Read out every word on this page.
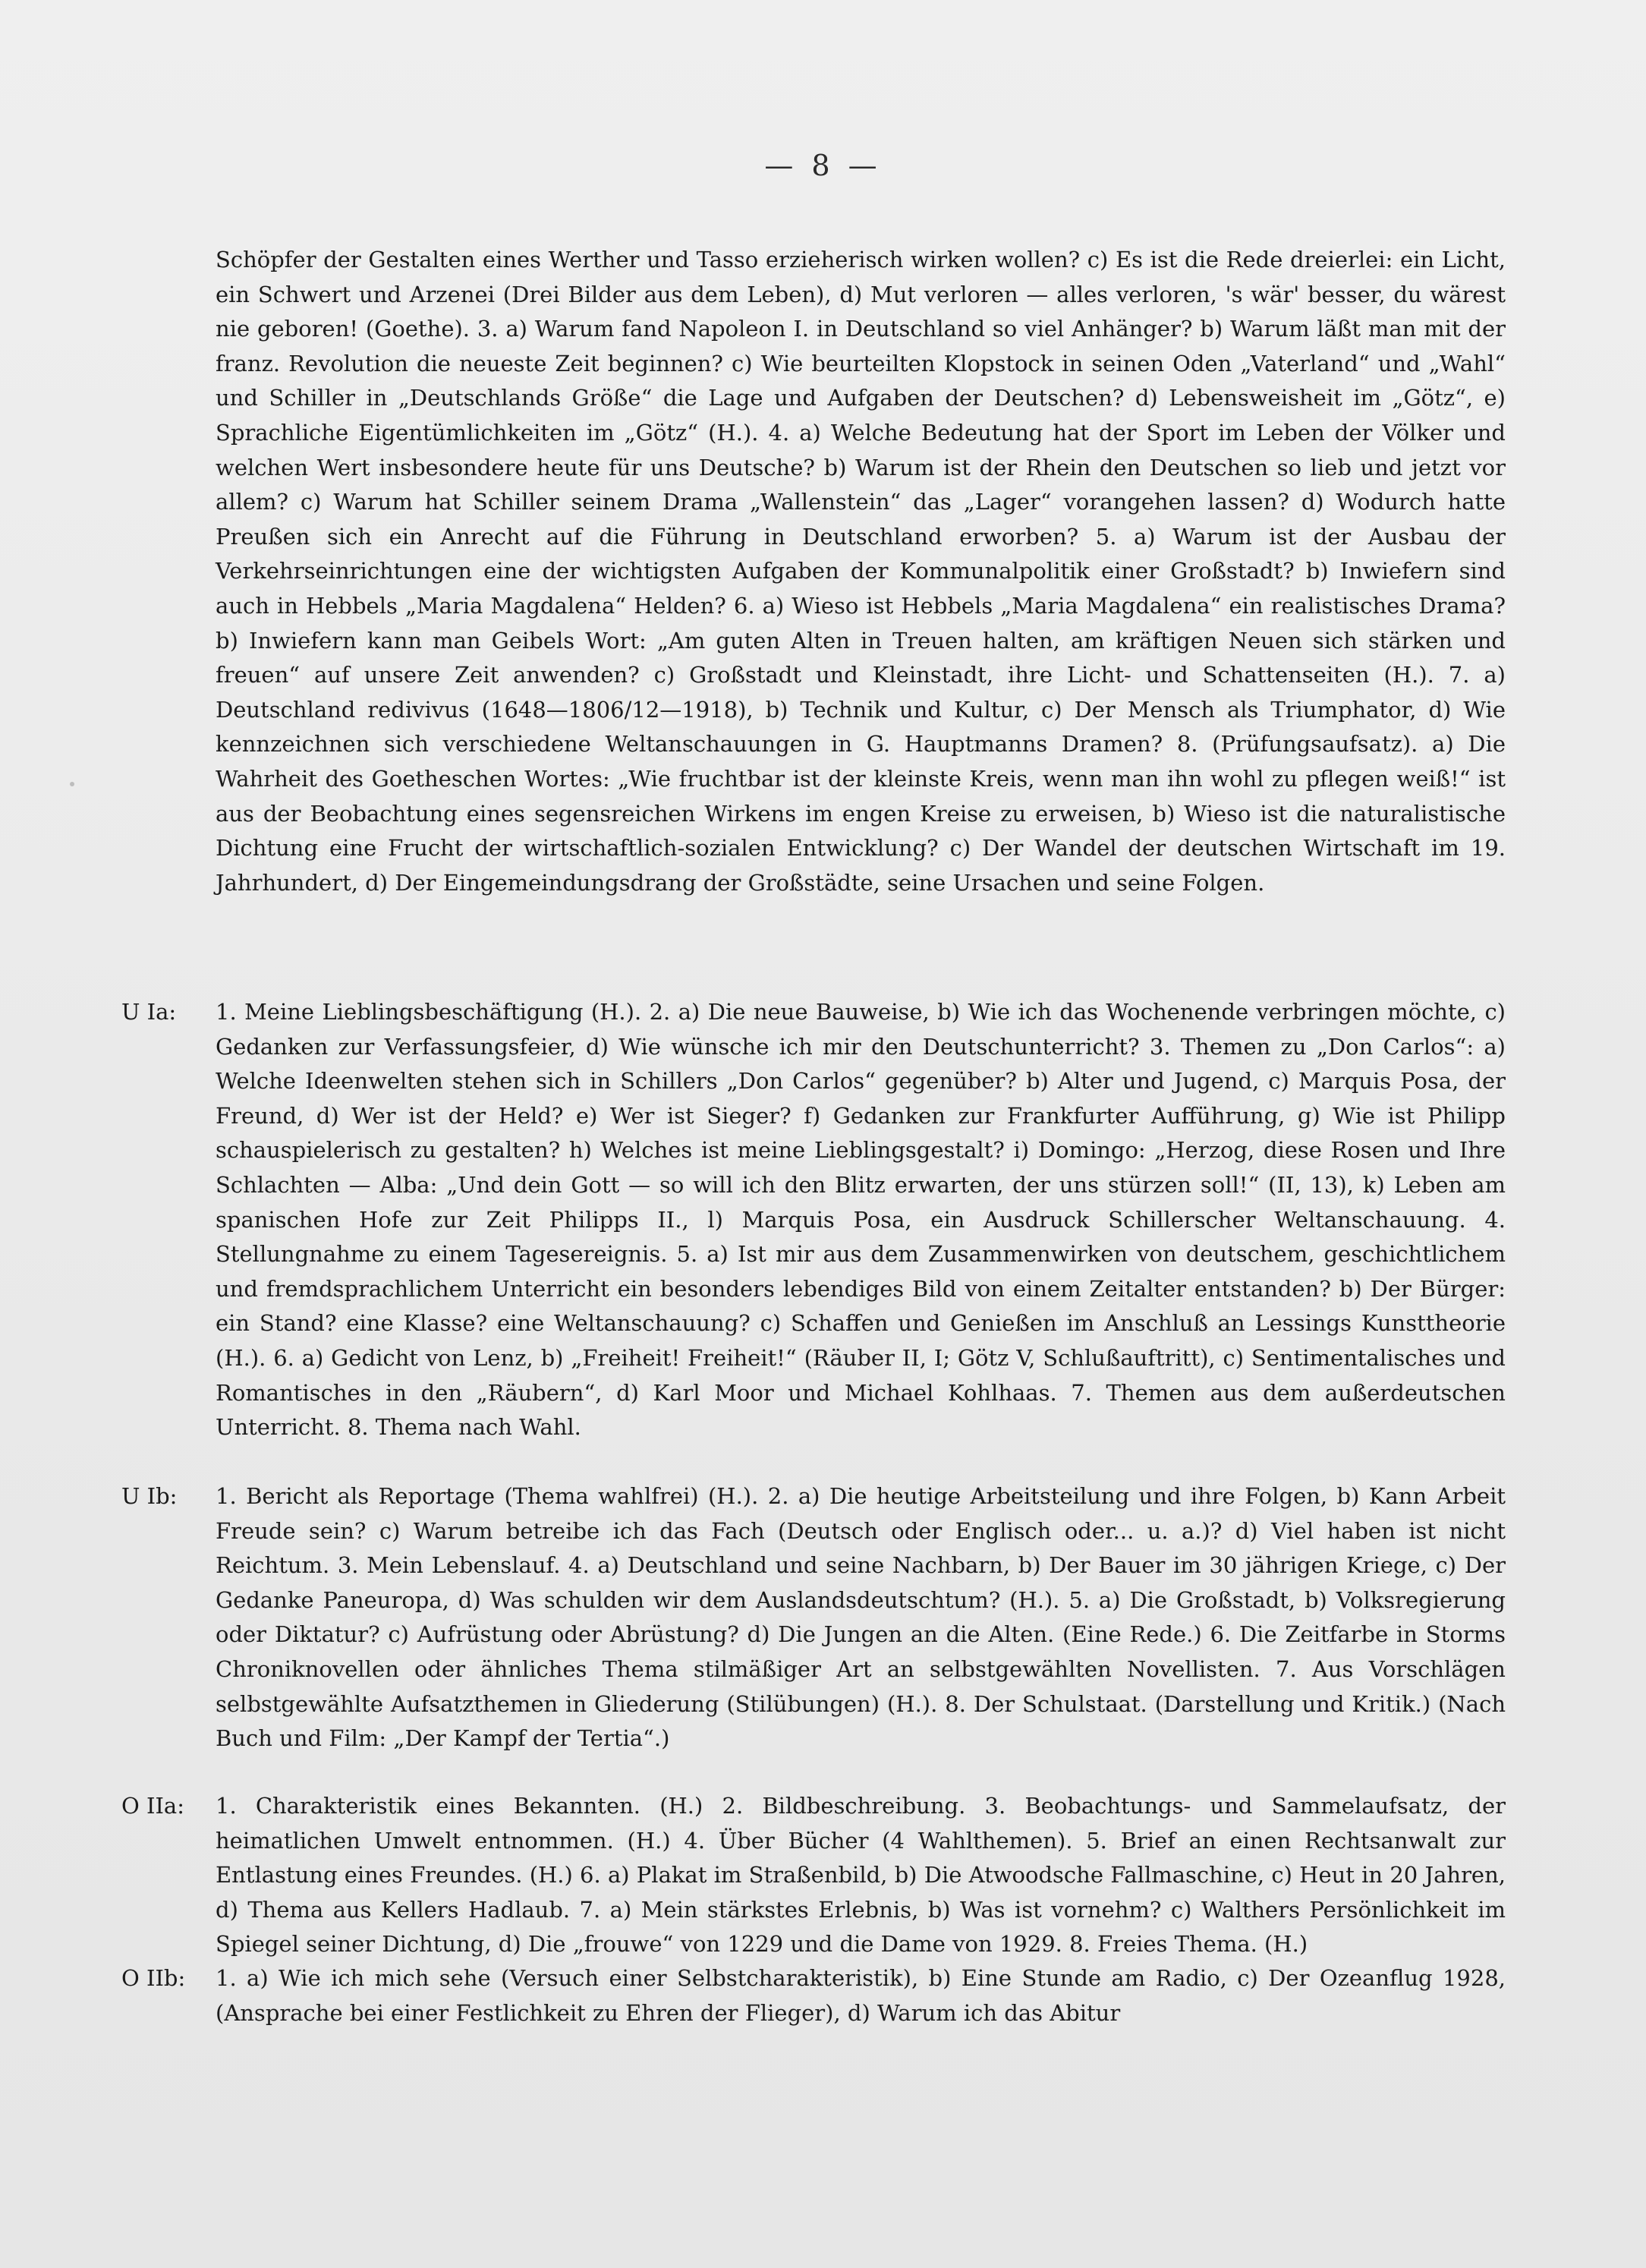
— 8 —
Schöpfer der Gestalten eines Werther und Tasso erzieherisch wirken wollen? c) Es ist die Rede dreierlei: ein Licht, ein Schwert und Arzenei (Drei Bilder aus dem Leben), d) Mut verloren — alles verloren, 's wär' besser, du wärest nie geboren! (Goethe). 3. a) Warum fand Napoleon I. in Deutschland so viel Anhänger? b) Warum läßt man mit der franz. Revolution die neueste Zeit beginnen? c) Wie beurteilten Klopstock in seinen Oden „Vaterland“ und „Wahl“ und Schiller in „Deutschlands Größe“ die Lage und Aufgaben der Deutschen? d) Lebensweisheit im „Götz“, e) Sprachliche Eigentümlichkeiten im „Götz“ (H.). 4. a) Welche Bedeutung hat der Sport im Leben der Völker und welchen Wert insbesondere heute für uns Deutsche? b) Warum ist der Rhein den Deutschen so lieb und jetzt vor allem? c) Warum hat Schiller seinem Drama „Wallenstein“ das „Lager“ vorangehen lassen? d) Wodurch hatte Preußen sich ein Anrecht auf die Führung in Deutschland erworben? 5. a) Warum ist der Ausbau der Verkehrseinrichtungen eine der wichtigsten Aufgaben der Kommunalpolitik einer Großstadt? b) Inwiefern sind auch in Hebbels „Maria Magdalena“ Helden? 6. a) Wieso ist Hebbels „Maria Magdalena“ ein realistisches Drama? b) Inwiefern kann man Geibels Wort: „Am guten Alten in Treuen halten, am kräftigen Neuen sich stärken und freuen“ auf unsere Zeit anwenden? c) Großstadt und Kleinstadt, ihre Licht- und Schattenseiten (H.). 7. a) Deutschland redivivus (1648—1806/12—1918), b) Technik und Kultur, c) Der Mensch als Triumphator, d) Wie kennzeichnen sich verschiedene Weltanschauungen in G. Hauptmanns Dramen? 8. (Prüfungsaufsatz). a) Die Wahrheit des Goetheschen Wortes: „Wie fruchtbar ist der kleinste Kreis, wenn man ihn wohl zu pflegen weiß!“ ist aus der Beobachtung eines segensreichen Wirkens im engen Kreise zu erweisen, b) Wieso ist die naturalistische Dichtung eine Frucht der wirtschaftlich-sozialen Entwicklung? c) Der Wandel der deutschen Wirtschaft im 19. Jahrhundert, d) Der Eingemeindungsdrang der Großstädte, seine Ursachen und seine Folgen.
U Ia:	1. Meine Lieblingsbeschäftigung (H.). 2. a) Die neue Bauweise, b) Wie ich das Wochenende verbringen möchte, c) Gedanken zur Verfassungsfeier, d) Wie wünsche ich mir den Deutschunterricht? 3. Themen zu „Don Carlos“: a) Welche Ideenwelten stehen sich in Schillers „Don Carlos“ gegenüber? b) Alter und Jugend, c) Marquis Posa, der Freund, d) Wer ist der Held? e) Wer ist Sieger? f) Gedanken zur Frankfurter Aufführung, g) Wie ist Philipp schauspielerisch zu gestalten? h) Welches ist meine Lieblingsgestalt? i) Domingo: „Herzog, diese Rosen und Ihre Schlachten — Alba: „Und dein Gott — so will ich den Blitz erwarten, der uns stürzen soll!“ (II, 13), k) Leben am spanischen Hofe zur Zeit Philipps II., l) Marquis Posa, ein Ausdruck Schillerscher Weltanschauung. 4. Stellungnahme zu einem Tagesereignis. 5. a) Ist mir aus dem Zusammenwirken von deutschem, geschichtlichem und fremdsprachlichem Unterricht ein besonders lebendiges Bild von einem Zeitalter entstanden? b) Der Bürger: ein Stand? eine Klasse? eine Weltanschauung? c) Schaffen und Genießen im Anschluß an Lessings Kunsttheorie (H.). 6. a) Gedicht von Lenz, b) „Freiheit! Freiheit!“ (Räuber II, I; Götz V, Schlußauftritt), c) Sentimentalisches und Romantisches in den „Räubern“, d) Karl Moor und Michael Kohlhaas. 7. Themen aus dem außerdeutschen Unterricht. 8. Thema nach Wahl.
U Ib:	1. Bericht als Reportage (Thema wahlfrei) (H.). 2. a) Die heutige Arbeitsteilung und ihre Folgen, b) Kann Arbeit Freude sein? c) Warum betreibe ich das Fach (Deutsch oder Englisch oder... u. a.)? d) Viel haben ist nicht Reichtum. 3. Mein Lebenslauf. 4. a) Deutschland und seine Nachbarn, b) Der Bauer im 30 jährigen Kriege, c) Der Gedanke Paneuropa, d) Was schulden wir dem Auslandsdeutschtum? (H.). 5. a) Die Großstadt, b) Volksregierung oder Diktatur? c) Aufrüstung oder Abrüstung? d) Die Jungen an die Alten. (Eine Rede.) 6. Die Zeitfarbe in Storms Chroniknovellen oder ähnliches Thema stilmäßiger Art an selbstgewählten Novellisten. 7. Aus Vorschlägen selbstgewählte Aufsatzthemen in Gliederung (Stilübungen) (H.). 8. Der Schulstaat. (Darstellung und Kritik.) (Nach Buch und Film: „Der Kampf der Tertia“.)
O IIa:	1. Charakteristik eines Bekannten. (H.) 2. Bildbeschreibung. 3. Beobachtungs- und Sammelaufsatz, der heimatlichen Umwelt entnommen. (H.) 4. Über Bücher (4 Wahlthemen). 5. Brief an einen Rechtsanwalt zur Entlastung eines Freundes. (H.) 6. a) Plakat im Straßenbild, b) Die Atwoodsche Fallmaschine, c) Heut in 20 Jahren, d) Thema aus Kellers Hadlaub. 7. a) Mein stärkstes Erlebnis, b) Was ist vornehm? c) Walthers Persönlichkeit im Spiegel seiner Dichtung, d) Die „frouwe“ von 1229 und die Dame von 1929. 8. Freies Thema. (H.)
O IIb:	1. a) Wie ich mich sehe (Versuch einer Selbstcharakteristik), b) Eine Stunde am Radio, c) Der Ozeanflug 1928, (Ansprache bei einer Festlichkeit zu Ehren der Flieger), d) Warum ich das Abitur
